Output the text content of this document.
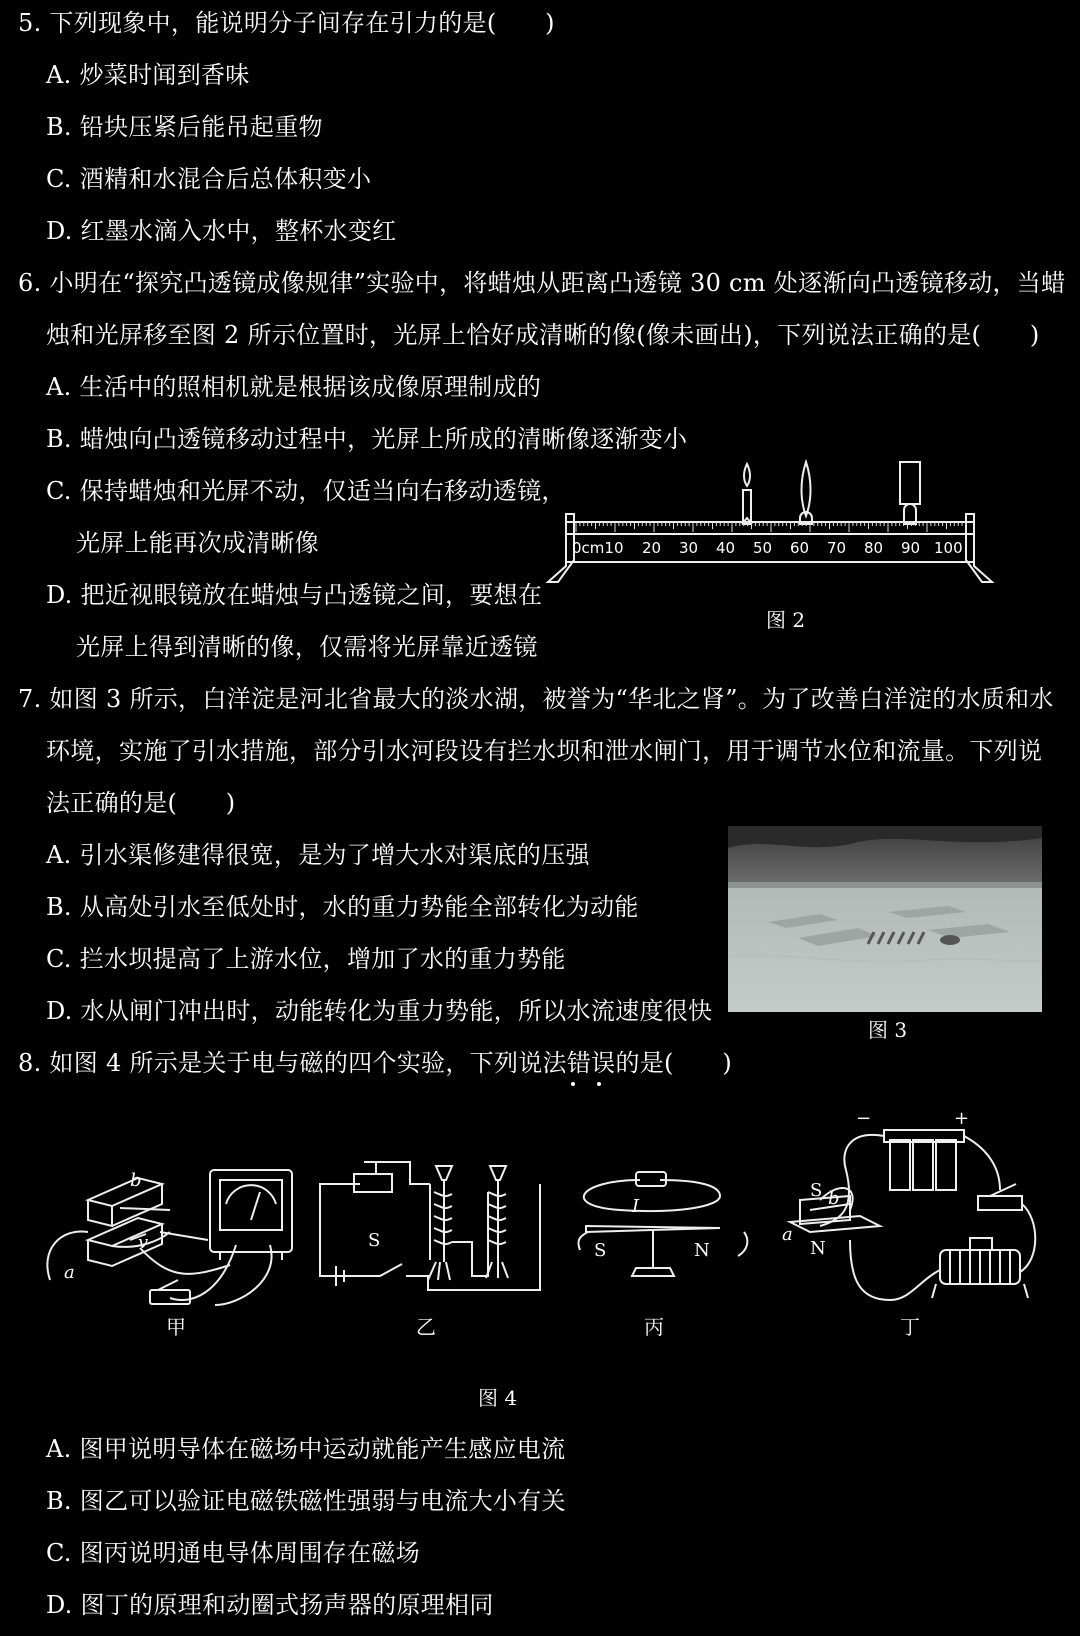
5. 下列现象中，能说明分子间存在引力的是(　　)
A. 炒菜时闻到香味
B. 铅块压紧后能吊起重物
C. 酒精和水混合后总体积变小
D. 红墨水滴入水中，整杯水变红
6. 小明在“探究凸透镜成像规律”实验中，将蜡烛从距离凸透镜 30 cm 处逐渐向凸透镜移动，当蜡
烛和光屏移至图 2 所示位置时，光屏上恰好成清晰的像(像未画出)，下列说法正确的是(　　)
A. 生活中的照相机就是根据该成像原理制成的
B. 蜡烛向凸透镜移动过程中，光屏上所成的清晰像逐渐变小
C. 保持蜡烛和光屏不动，仅适当向右移动透镜，
光屏上能再次成清晰像
D. 把近视眼镜放在蜡烛与凸透镜之间，要想在
光屏上得到清晰的像，仅需将光屏靠近透镜
0cm10 20 30 40 50 60 70 80 90 100
图 2
7. 如图 3 所示，白洋淀是河北省最大的淡水湖，被誉为“华北之肾”。为了改善白洋淀的水质和水
环境，实施了引水措施，部分引水河段设有拦水坝和泄水闸门，用于调节水位和流量。下列说
法正确的是(　　)
A. 引水渠修建得很宽，是为了增大水对渠底的压强
B. 从高处引水至低处时，水的重力势能全部转化为动能
C. 拦水坝提高了上游水位，增加了水的重力势能
D. 水从闸门冲出时，动能转化为重力势能，所以水流速度很快
图 3
8. 如图 4 所示是关于电与磁的四个实验，下列说法错误的是(　　)
b
v
a
I	b
a
S	S	N
−	+
S
N
甲	乙	丙	丁
图 4
A. 图甲说明导体在磁场中运动就能产生感应电流
B. 图乙可以验证电磁铁磁性强弱与电流大小有关
C. 图丙说明通电导体周围存在磁场
D. 图丁的原理和动圈式扬声器的原理相同
